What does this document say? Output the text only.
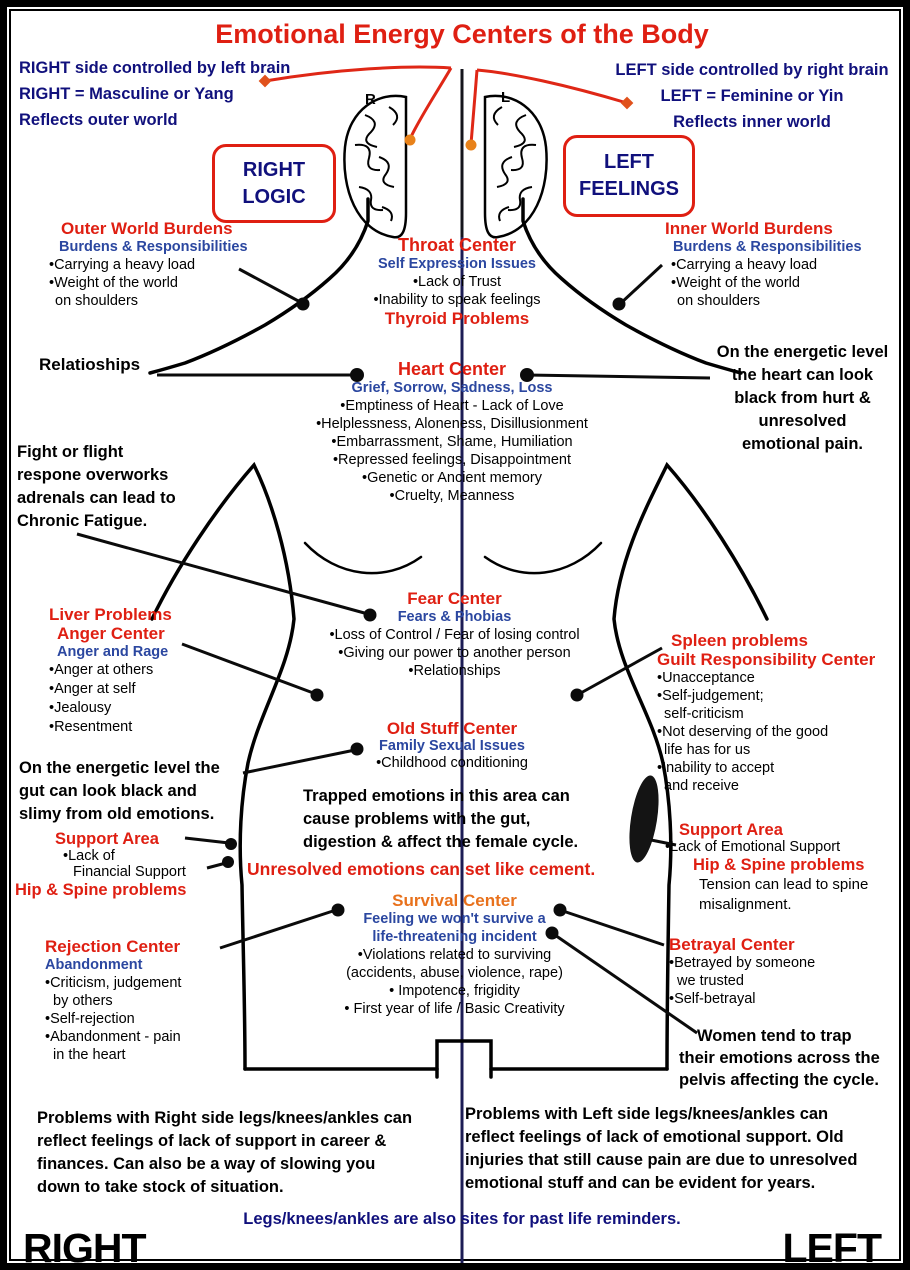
Emotional Energy Centers of the Body
RIGHT side controlled by left brain
RIGHT = Masculine or Yang
Reflects outer world
LEFT side controlled by right brain
LEFT = Feminine or Yin
Reflects inner world
RIGHT
LOGIC
LEFT
FEELINGS
R	L
Outer World Burdens
Burdens & Responsibilities
•Carrying a heavy load
•Weight of the world
on shoulders
Inner World Burdens
Burdens & Responsibilities
•Carrying a heavy load
•Weight of the world
on shoulders
Throat Center
Self Expression Issues
•Lack of Trust
•Inability to speak feelings
Thyroid Problems
Relatioships
On the energetic level
the heart can look
black from hurt &
unresolved
emotional pain.
Heart Center
Grief, Sorrow, Sadness, Loss
•Emptiness of Heart - Lack of Love
•Helplessness, Aloneness, Disillusionment
•Embarrassment, Shame, Humiliation
•Repressed feelings, Disappointment
•Genetic or Ancient memory
•Cruelty, Meanness
Fight or flight
respone overworks
adrenals can lead to
Chronic Fatigue.
Fear Center
Fears & Phobias
•Loss of Control / Fear of losing control
•Giving our power to another person
•Relationships
Liver Problems
Anger Center
Anger and Rage
•Anger at others
•Anger at self
•Jealousy
•Resentment
Spleen problems
Guilt Responsibility Center
•Unacceptance
•Self-judgement;
self-criticism
•Not deserving of the good
life has for us
•Inability to accept
and receive
On the energetic level the
gut can look black and
slimy from old emotions.
Old Stuff Center
Family Sexual Issues
•Childhood conditioning
Trapped emotions in this area can
cause problems with the gut,
digestion & affect the female cycle.
Support Area
•Lack of
Financial Support
Hip & Spine problems
Unresolved emotions can set like cement.
Support Area
•Lack of Emotional Support
Hip & Spine problems
Tension can lead to spine
misalignment.
Survival Center
Feeling we won't survive a
life-threatening incident
•Violations related to surviving
(accidents, abuse, violence, rape)
• Impotence, frigidity
• First year of life / Basic Creativity
Rejection Center
Abandonment
•Criticism, judgement
by others
•Self-rejection
•Abandonment - pain
in the heart
Betrayal Center
•Betrayed by someone
we trusted
•Self-betrayal
Women tend to trap
their emotions across the
pelvis affecting the cycle.
Problems with Right side legs/knees/ankles can
reflect feelings of lack of support in career &
finances. Can also be a way of slowing you
down to take stock of situation.
Problems with Left side legs/knees/ankles can
reflect feelings of lack of emotional support. Old
injuries that still cause pain are due to unresolved
emotional stuff and can be evident for years.
Legs/knees/ankles are also sites for past life reminders.
RIGHT	LEFT
